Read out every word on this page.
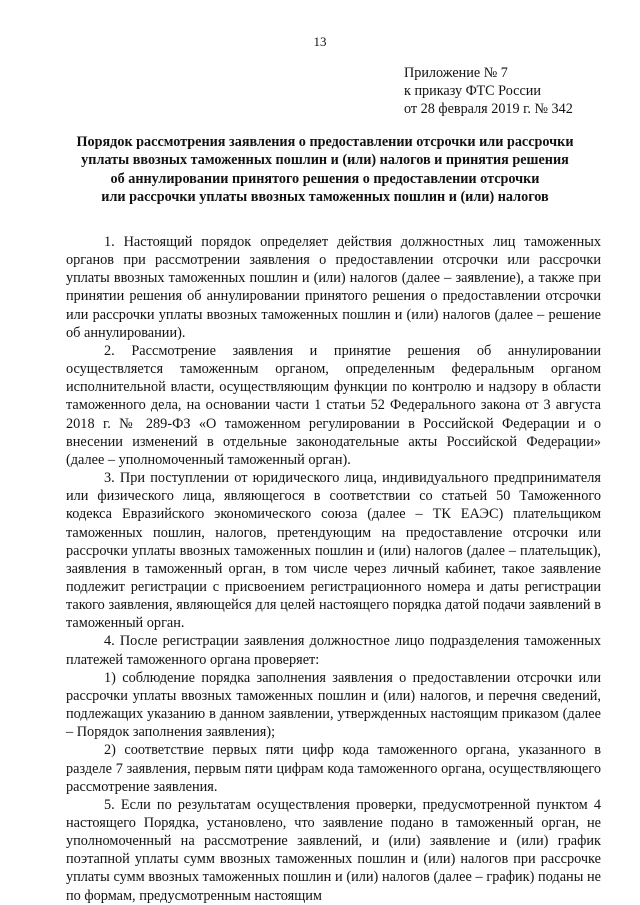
13
Приложение № 7
к приказу ФТС России
от 28 февраля 2019 г. № 342
Порядок рассмотрения заявления о предоставлении отсрочки или рассрочки
уплаты ввозных таможенных пошлин и (или) налогов и принятия решения
об аннулировании принятого решения о предоставлении отсрочки
или рассрочки уплаты ввозных таможенных пошлин и (или) налогов

1. Настоящий порядок определяет действия должностных лиц таможенных органов при рассмотрении заявления о предоставлении отсрочки или рассрочки уплаты ввозных таможенных пошлин и (или) налогов (далее – заявление), а также при принятии решения об аннулировании принятого решения о предоставлении отсрочки или рассрочки уплаты ввозных таможенных пошлин и (или) налогов (далее – решение об аннулировании).

2. Рассмотрение заявления и принятие решения об аннулировании осуществляется таможенным органом, определенным федеральным органом исполнительной власти, осуществляющим функции по контролю и надзору в области таможенного дела, на основании части 1 статьи 52 Федерального закона от 3 августа 2018 г. № 289-ФЗ «О таможенном регулировании в Российской Федерации и о внесении изменений в отдельные законодательные акты Российской Федерации» (далее – уполномоченный таможенный орган).

3. При поступлении от юридического лица, индивидуального предпринимателя или физического лица, являющегося в соответствии со статьей 50 Таможенного кодекса Евразийского экономического союза (далее – ТК ЕАЭС) плательщиком таможенных пошлин, налогов, претендующим на предоставление отсрочки или рассрочки уплаты ввозных таможенных пошлин и (или) налогов (далее – плательщик), заявления в таможенный орган, в том числе через личный кабинет, такое заявление подлежит регистрации с присвоением регистрационного номера и даты регистрации такого заявления, являющейся для целей настоящего порядка датой подачи заявлений в таможенный орган.

4. После регистрации заявления должностное лицо подразделения таможенных платежей таможенного органа проверяет:

1) соблюдение порядка заполнения заявления о предоставлении отсрочки или рассрочки уплаты ввозных таможенных пошлин и (или) налогов, и перечня сведений, подлежащих указанию в данном заявлении, утвержденных настоящим приказом (далее – Порядок заполнения заявления);

2) соответствие первых пяти цифр кода таможенного органа, указанного в разделе 7 заявления, первым пяти цифрам кода таможенного органа, осуществляющего рассмотрение заявления.

5. Если по результатам осуществления проверки, предусмотренной пунктом 4 настоящего Порядка, установлено, что заявление подано в таможенный орган, не уполномоченный на рассмотрение заявлений, и (или) заявление и (или) график поэтапной уплаты сумм ввозных таможенных пошлин и (или) налогов при рассрочке уплаты сумм ввозных таможенных пошлин и (или) налогов (далее – график) поданы не по формам, предусмотренным настоящим
